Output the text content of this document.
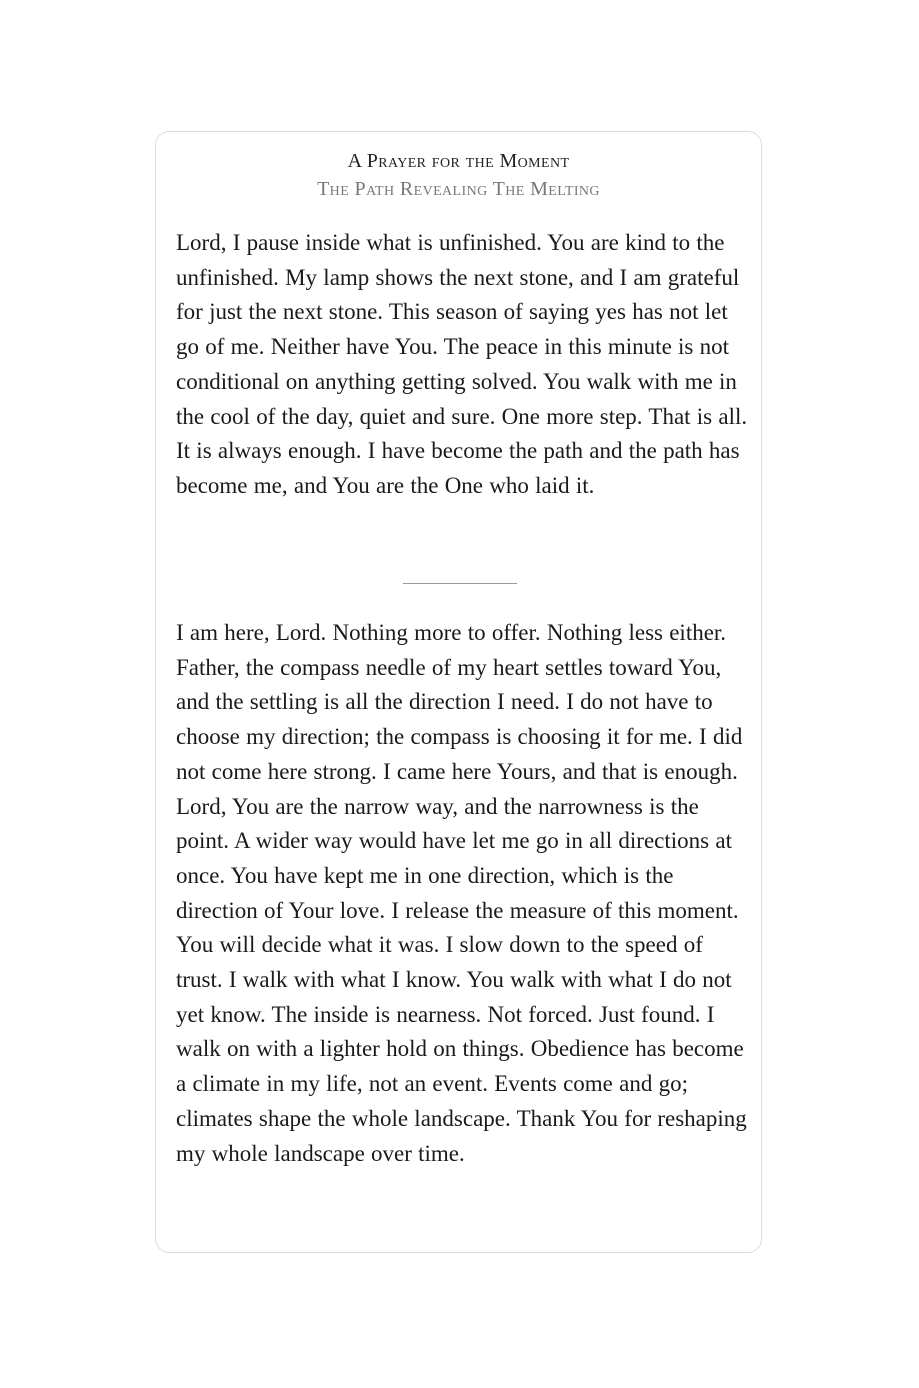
A Prayer for the Moment
The Path Revealing The Melting

Lord, I pause inside what is unfinished. You are kind to the unfinished. My lamp shows the next stone, and I am grateful for just the next stone. This season of saying yes has not let go of me. Neither have You. The peace in this minute is not conditional on anything getting solved. You walk with me in the cool of the day, quiet and sure. One more step. That is all. It is always enough. I have become the path and the path has become me, and You are the One who laid it.

I am here, Lord. Nothing more to offer. Nothing less either. Father, the compass needle of my heart settles toward You, and the settling is all the direction I need. I do not have to choose my direction; the compass is choosing it for me. I did not come here strong. I came here Yours, and that is enough. Lord, You are the narrow way, and the narrowness is the point. A wider way would have let me go in all directions at once. You have kept me in one direction, which is the direction of Your love. I release the measure of this moment. You will decide what it was. I slow down to the speed of trust. I walk with what I know. You walk with what I do not yet know. The inside is nearness. Not forced. Just found. I walk on with a lighter hold on things. Obedience has become a climate in my life, not an event. Events come and go; climates shape the whole landscape. Thank You for reshaping my whole landscape over time.
